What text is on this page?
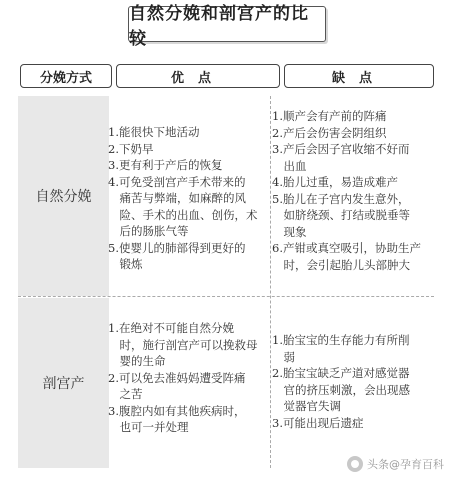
自然分娩和剖宫产的比较
分娩方式	优点	缺点
自然分娩
剖宫产
1.能很快下地活动
2.下奶早
3.更有利于产后的恢复
4.可免受剖宫产手术带来的
　痛苦与弊端，如麻醉的风
　险、手术的出血、创伤，术
　后的肠胀气等
5.使婴儿的肺部得到更好的
　锻炼
1.顺产会有产前的阵痛
2.产后会伤害会阴组织
3.产后会因子宫收缩不好而
　出血
4.胎儿过重，易造成难产
5.胎儿在子宫内发生意外，
　如脐绕颈、打结或脱垂等
　现象
6.产钳或真空吸引，协助生产
　时，会引起胎儿头部肿大
1.在绝对不可能自然分娩
　时，施行剖宫产可以挽救母
　婴的生命
2.可以免去准妈妈遭受阵痛
　之苦
3.腹腔内如有其他疾病时，
　也可一并处理
1.胎宝宝的生存能力有所削
　弱
2.胎宝宝缺乏产道对感觉器
　官的挤压刺激，会出现感
　觉器官失调
3.可能出现后遗症
头条@孕育百科
